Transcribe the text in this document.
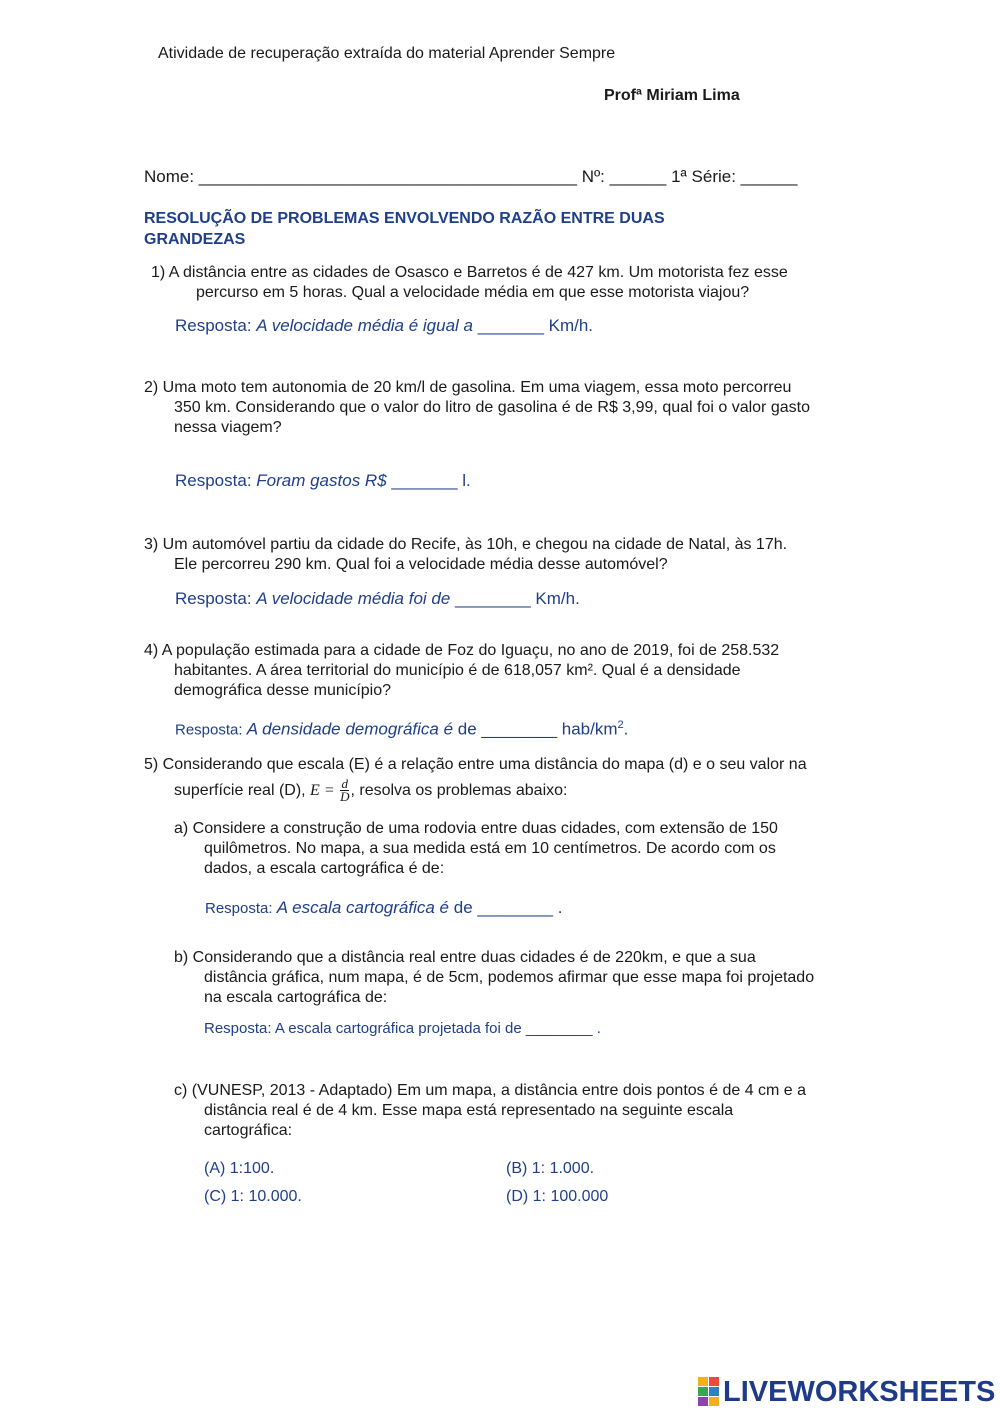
Atividade de recuperação extraída do material Aprender Sempre
Profª Miriam Lima
Nome: ________________________________________ Nº: ______ 1ª Série: ______
RESOLUÇÃO DE PROBLEMAS ENVOLVENDO RAZÃO ENTRE DUAS
GRANDEZAS
1) A distância entre as cidades de Osasco e Barretos é de 427 km. Um motorista fez esse
percurso em 5 horas. Qual a velocidade média em que esse motorista viajou?
Resposta: A velocidade média é igual a _______ Km/h.
2) Uma moto tem autonomia de 20 km/l de gasolina. Em uma viagem, essa moto percorreu
350 km. Considerando que o valor do litro de gasolina é de R$ 3,99, qual foi o valor gasto
nessa viagem?
Resposta: Foram gastos R$ _______ l.
3) Um automóvel partiu da cidade do Recife, às 10h, e chegou na cidade de Natal, às 17h.
Ele percorreu 290 km. Qual foi a velocidade média desse automóvel?
Resposta: A velocidade média foi de ________ Km/h.
4) A população estimada para a cidade de Foz do Iguaçu, no ano de 2019, foi de 258.532
habitantes. A área territorial do município é de 618,057 km². Qual é a densidade
demográfica desse município?
Resposta: A densidade demográfica é de ________ hab/$km^2$.
5) Considerando que escala (E) é a relação entre uma distância do mapa (d) e o seu valor na
superfície real (D), $E = \frac{d}{D}$ , resolva os problemas abaixo:
a) Considere a construção de uma rodovia entre duas cidades, com extensão de 150
quilômetros. No mapa, a sua medida está em 10 centímetros. De acordo com os
dados, a escala cartográfica é de:
Resposta: A escala cartográfica é de ________ .
b) Considerando que a distância real entre duas cidades é de 220km, e que a sua
distância gráfica, num mapa, é de 5cm, podemos afirmar que esse mapa foi projetado
na escala cartográfica de:
Resposta: A escala cartográfica projetada foi de ________ .
c) (VUNESP, 2013 - Adaptado) Em um mapa, a distância entre dois pontos é de 4 cm e a
distância real é de 4 km. Esse mapa está representado na seguinte escala
cartográfica:
(A) 1:100.	(B) 1: 1.000.
(C) 1: 10.000.	(D) 1: 100.000
LIVEWORKSHEETS
